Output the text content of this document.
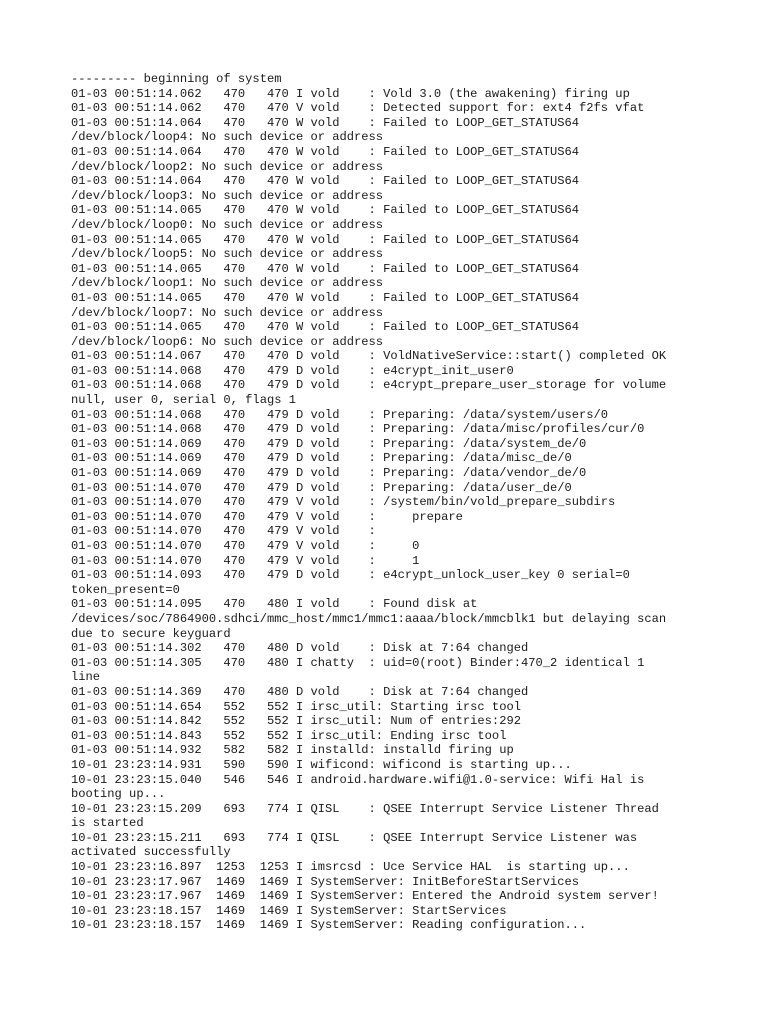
--------- beginning of system
01-03 00:51:14.062   470   470 I vold    : Vold 3.0 (the awakening) firing up
01-03 00:51:14.062   470   470 V vold    : Detected support for: ext4 f2fs vfat
01-03 00:51:14.064   470   470 W vold    : Failed to LOOP_GET_STATUS64
/dev/block/loop4: No such device or address
01-03 00:51:14.064   470   470 W vold    : Failed to LOOP_GET_STATUS64
/dev/block/loop2: No such device or address
01-03 00:51:14.064   470   470 W vold    : Failed to LOOP_GET_STATUS64
/dev/block/loop3: No such device or address
01-03 00:51:14.065   470   470 W vold    : Failed to LOOP_GET_STATUS64
/dev/block/loop0: No such device or address
01-03 00:51:14.065   470   470 W vold    : Failed to LOOP_GET_STATUS64
/dev/block/loop5: No such device or address
01-03 00:51:14.065   470   470 W vold    : Failed to LOOP_GET_STATUS64
/dev/block/loop1: No such device or address
01-03 00:51:14.065   470   470 W vold    : Failed to LOOP_GET_STATUS64
/dev/block/loop7: No such device or address
01-03 00:51:14.065   470   470 W vold    : Failed to LOOP_GET_STATUS64
/dev/block/loop6: No such device or address
01-03 00:51:14.067   470   470 D vold    : VoldNativeService::start() completed OK
01-03 00:51:14.068   470   479 D vold    : e4crypt_init_user0
01-03 00:51:14.068   470   479 D vold    : e4crypt_prepare_user_storage for volume
null, user 0, serial 0, flags 1
01-03 00:51:14.068   470   479 D vold    : Preparing: /data/system/users/0
01-03 00:51:14.068   470   479 D vold    : Preparing: /data/misc/profiles/cur/0
01-03 00:51:14.069   470   479 D vold    : Preparing: /data/system_de/0
01-03 00:51:14.069   470   479 D vold    : Preparing: /data/misc_de/0
01-03 00:51:14.069   470   479 D vold    : Preparing: /data/vendor_de/0
01-03 00:51:14.070   470   479 D vold    : Preparing: /data/user_de/0
01-03 00:51:14.070   470   479 V vold    : /system/bin/vold_prepare_subdirs
01-03 00:51:14.070   470   479 V vold    :     prepare
01-03 00:51:14.070   470   479 V vold    :
01-03 00:51:14.070   470   479 V vold    :     0
01-03 00:51:14.070   470   479 V vold    :     1
01-03 00:51:14.093   470   479 D vold    : e4crypt_unlock_user_key 0 serial=0
token_present=0
01-03 00:51:14.095   470   480 I vold    : Found disk at
/devices/soc/7864900.sdhci/mmc_host/mmc1/mmc1:aaaa/block/mmcblk1 but delaying scan
due to secure keyguard
01-03 00:51:14.302   470   480 D vold    : Disk at 7:64 changed
01-03 00:51:14.305   470   480 I chatty  : uid=0(root) Binder:470_2 identical 1
line
01-03 00:51:14.369   470   480 D vold    : Disk at 7:64 changed
01-03 00:51:14.654   552   552 I irsc_util: Starting irsc tool
01-03 00:51:14.842   552   552 I irsc_util: Num of entries:292
01-03 00:51:14.843   552   552 I irsc_util: Ending irsc tool
01-03 00:51:14.932   582   582 I installd: installd firing up
10-01 23:23:14.931   590   590 I wificond: wificond is starting up...
10-01 23:23:15.040   546   546 I android.hardware.wifi@1.0-service: Wifi Hal is
booting up...
10-01 23:23:15.209   693   774 I QISL    : QSEE Interrupt Service Listener Thread
is started
10-01 23:23:15.211   693   774 I QISL    : QSEE Interrupt Service Listener was
activated successfully
10-01 23:23:16.897  1253  1253 I imsrcsd : Uce Service HAL  is starting up...
10-01 23:23:17.967  1469  1469 I SystemServer: InitBeforeStartServices
10-01 23:23:17.967  1469  1469 I SystemServer: Entered the Android system server!
10-01 23:23:18.157  1469  1469 I SystemServer: StartServices
10-01 23:23:18.157  1469  1469 I SystemServer: Reading configuration...
